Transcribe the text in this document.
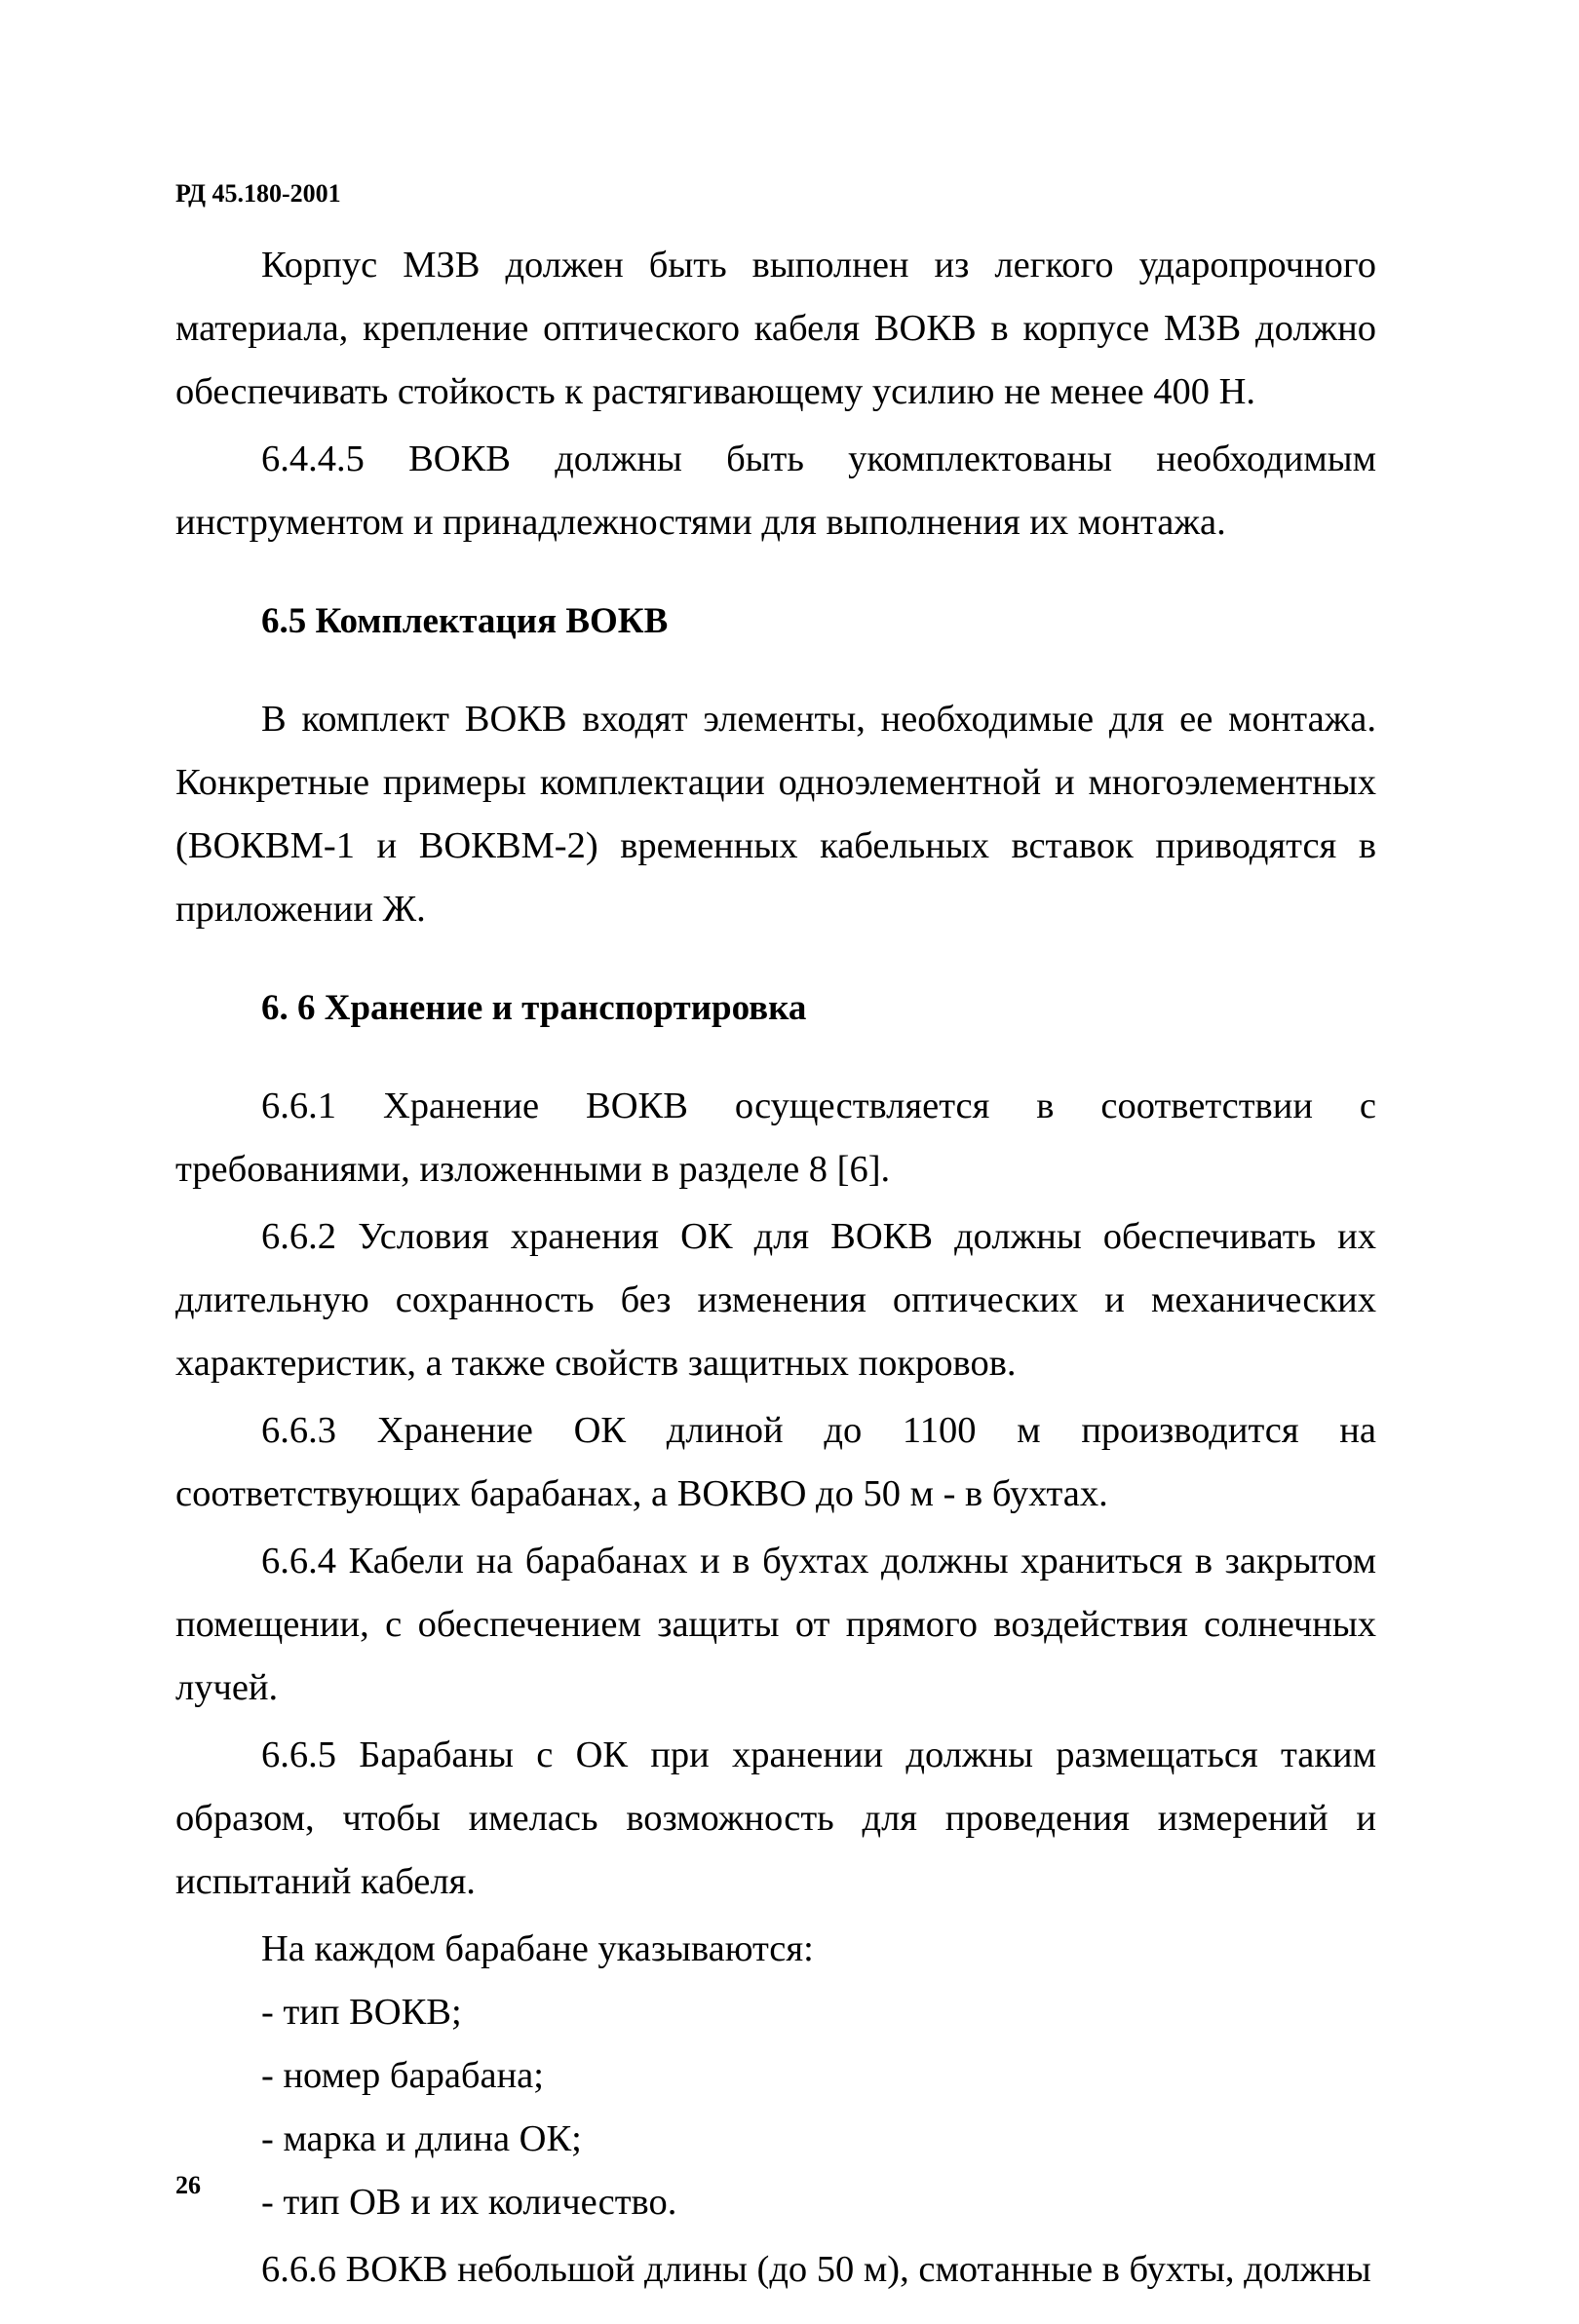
РД 45.180-2001

Корпус МЗВ должен быть выполнен из легкого ударопрочного материала, крепление оптического кабеля ВОКВ в корпусе МЗВ должно обеспечивать стойкость к растягивающему усилию не менее 400 Н.

6.4.4.5 ВОКВ должны быть укомплектованы необходимым инструментом и принадлежностями для выполнения их монтажа.

6.5 Комплектация ВОКВ

В комплект ВОКВ входят элементы, необходимые для ее монтажа. Конкретные примеры комплектации одноэлементной и многоэлементных (ВОКВМ-1 и ВОКВМ-2) временных кабельных вставок приводятся в приложении Ж.

6. 6 Хранение и транспортировка

6.6.1 Хранение ВОКВ осуществляется в соответствии с требованиями, изложенными в разделе 8 [6].

6.6.2 Условия хранения ОК для ВОКВ должны обеспечивать их длительную сохранность без изменения оптических и механических характеристик, а также свойств защитных покровов.

6.6.3 Хранение ОК длиной до 1100 м производится на соответствующих барабанах, а ВОКВО до 50 м - в бухтах.

6.6.4 Кабели на барабанах и в бухтах должны храниться в закрытом помещении, с обеспечением защиты от прямого воздействия солнечных лучей.

6.6.5 Барабаны с ОК при хранении должны размещаться таким образом, чтобы имелась возможность для проведения измерений и испытаний кабеля.

На каждом барабане указываются:

- тип ВОКВ;
- номер барабана;
- марка и длина ОК;
- тип ОВ и их количество.

6.6.6 ВОКВ небольшой длины (до 50 м), смотанные в бухты, должны

26
